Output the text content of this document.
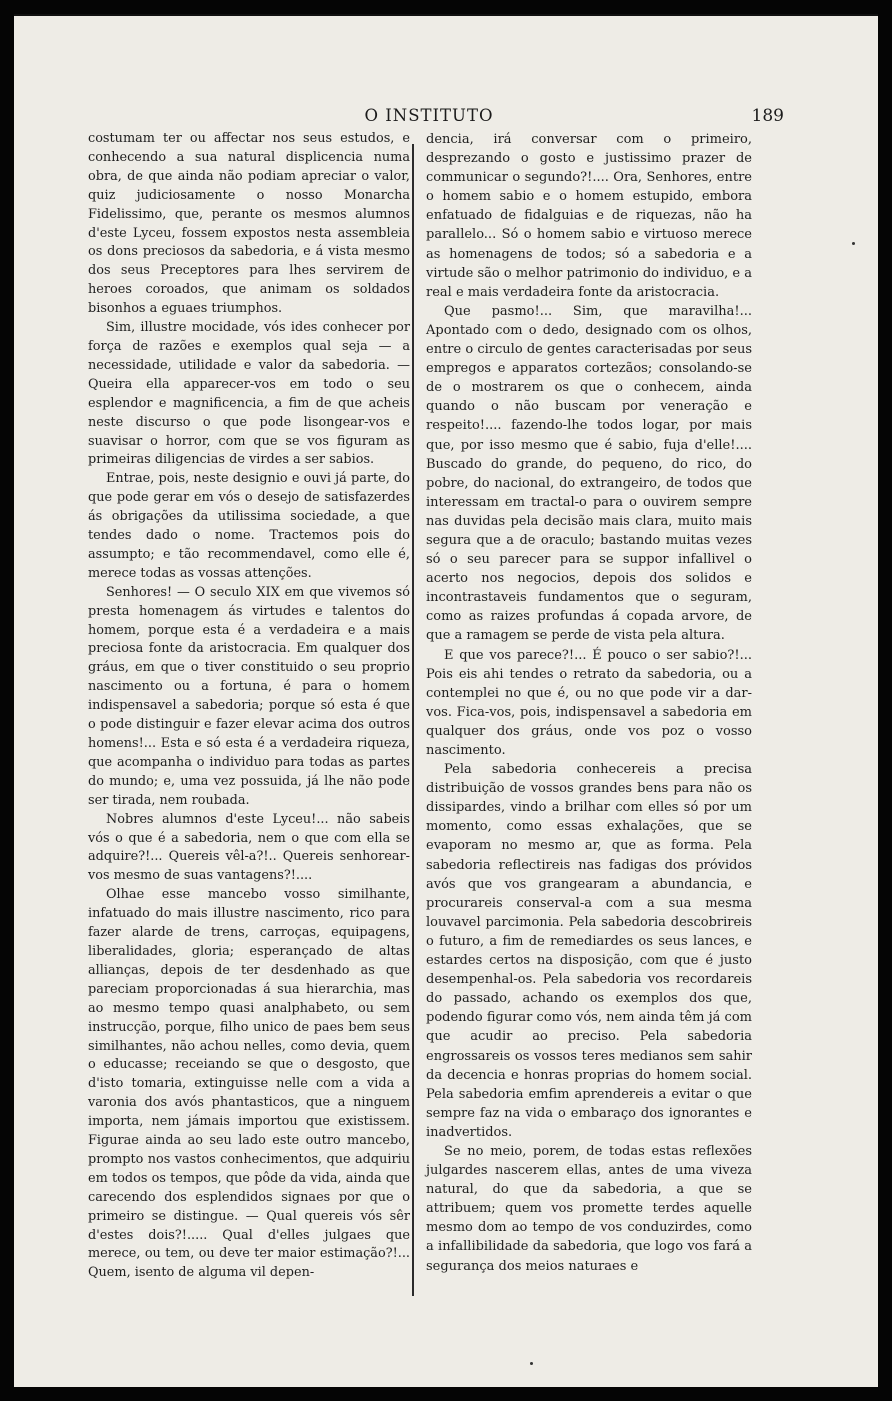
O INSTITUTO	189

costumam ter ou affectar nos seus estudos, e conhecendo a sua natural displicencia numa obra, de que ainda não podiam apreciar o valor, quiz judiciosamente o nosso Monarcha Fidelissimo, que, perante os mesmos alumnos d'este Lyceu, fossem expostos nesta assembleia os dons preciosos da sabedoria, e á vista mesmo dos seus Preceptores para lhes servirem de heroes coroados, que animam os soldados bisonhos a eguaes triumphos.

Sim, illustre mocidade, vós ides conhecer por força de razões e exemplos qual seja — a necessidade, utilidade e valor da sabedoria. — Queira ella apparecer-vos em todo o seu esplendor e magnificencia, a fim de que acheis neste discurso o que pode lisongear-vos e suavisar o horror, com que se vos figuram as primeiras diligencias de virdes a ser sabios.

Entrae, pois, neste designio e ouvi já parte, do que pode gerar em vós o desejo de satisfazerdes ás obrigações da utilissima sociedade, a que tendes dado o nome. Tractemos pois do assumpto; e tão recommendavel, como elle é, merece todas as vossas attenções.

Senhores! — O seculo XIX em que vivemos só presta homenagem ás virtudes e talentos do homem, porque esta é a verdadeira e a mais preciosa fonte da aristocracia. Em qualquer dos gráus, em que o tiver constituido o seu proprio nascimento ou a fortuna, é para o homem indispensavel a sabedoria; porque só esta é que o pode distinguir e fazer elevar acima dos outros homens!... Esta e só esta é a verdadeira riqueza, que acompanha o individuo para todas as partes do mundo; e, uma vez possuida, já lhe não pode ser tirada, nem roubada.

Nobres alumnos d'este Lyceu!... não sabeis vós o que é a sabedoria, nem o que com ella se adquire?!... Quereis vêl-a?!.. Quereis senhorear-vos mesmo de suas vantagens?!....

Olhae esse mancebo vosso similhante, infatuado do mais illustre nascimento, rico para fazer alarde de trens, carroças, equipagens, liberalidades, gloria; esperançado de altas allianças, depois de ter desdenhado as que pareciam proporcionadas á sua hierarchia, mas ao mesmo tempo quasi analphabeto, ou sem instrucção, porque, filho unico de paes bem seus similhantes, não achou nelles, como devia, quem o educasse; receiando se que o desgosto, que d'isto tomaria, extinguisse nelle com a vida a varonia dos avós phantasticos, que a ninguem importa, nem jámais importou que existissem. Figurae ainda ao seu lado este outro mancebo, prompto nos vastos conhecimentos, que adquiriu em todos os tempos, que pôde da vida, ainda que carecendo dos esplendidos signaes por que o primeiro se distingue. — Qual quereis vós sêr d'estes dois?!..... Qual d'elles julgaes que merece, ou tem, ou deve ter maior estimação?!... Quem, isento de alguma vil depen-

dencia, irá conversar com o primeiro, desprezando o gosto e justissimo prazer de communicar o segundo?!.... Ora, Senhores, entre o homem sabio e o homem estupido, embora enfatuado de fidalguias e de riquezas, não ha parallelo... Só o homem sabio e virtuoso merece as homenagens de todos; só a sabedoria e a virtude são o melhor patrimonio do individuo, e a real e mais verdadeira fonte da aristocracia.

Que pasmo!... Sim, que maravilha!... Apontado com o dedo, designado com os olhos, entre o circulo de gentes caracterisadas por seus empregos e apparatos cortezãos; consolando-se de o mostrarem os que o conhecem, ainda quando o não buscam por veneração e respeito!.... fazendo-lhe todos logar, por mais que, por isso mesmo que é sabio, fuja d'elle!.... Buscado do grande, do pequeno, do rico, do pobre, do nacional, do extrangeiro, de todos que interessam em tractal-o para o ouvirem sempre nas duvidas pela decisão mais clara, muito mais segura que a de oraculo; bastando muitas vezes só o seu parecer para se suppor infallivel o acerto nos negocios, depois dos solidos e incontrastaveis fundamentos que o seguram, como as raizes profundas á copada arvore, de que a ramagem se perde de vista pela altura.

E que vos parece?!... É pouco o ser sabio?!... Pois eis ahi tendes o retrato da sabedoria, ou a contemplei no que é, ou no que pode vir a dar-vos. Fica-vos, pois, indispensavel a sabedoria em qualquer dos gráus, onde vos poz o vosso nascimento.

Pela sabedoria conhecereis a precisa distribuição de vossos grandes bens para não os dissipardes, vindo a brilhar com elles só por um momento, como essas exhalações, que se evaporam no mesmo ar, que as forma. Pela sabedoria reflectireis nas fadigas dos próvidos avós que vos grangearam a abundancia, e procurareis conserval-a com a sua mesma louvavel parcimonia. Pela sabedoria descobrireis o futuro, a fim de remediardes os seus lances, e estardes certos na disposição, com que é justo desempenhal-os. Pela sabedoria vos recordareis do passado, achando os exemplos dos que, podendo figurar como vós, nem ainda têm já com que acudir ao preciso. Pela sabedoria engrossareis os vossos teres medianos sem sahir da decencia e honras proprias do homem social. Pela sabedoria emfim aprendereis a evitar o que sempre faz na vida o embaraço dos ignorantes e inadvertidos.

Se no meio, porem, de todas estas reflexões julgardes nascerem ellas, antes de uma viveza natural, do que da sabedoria, a que se attribuem; quem vos promette terdes aquelle mesmo dom ao tempo de vos conduzirdes, como a infallibilidade da sabedoria, que logo vos fará a segurança dos meios naturaes e
